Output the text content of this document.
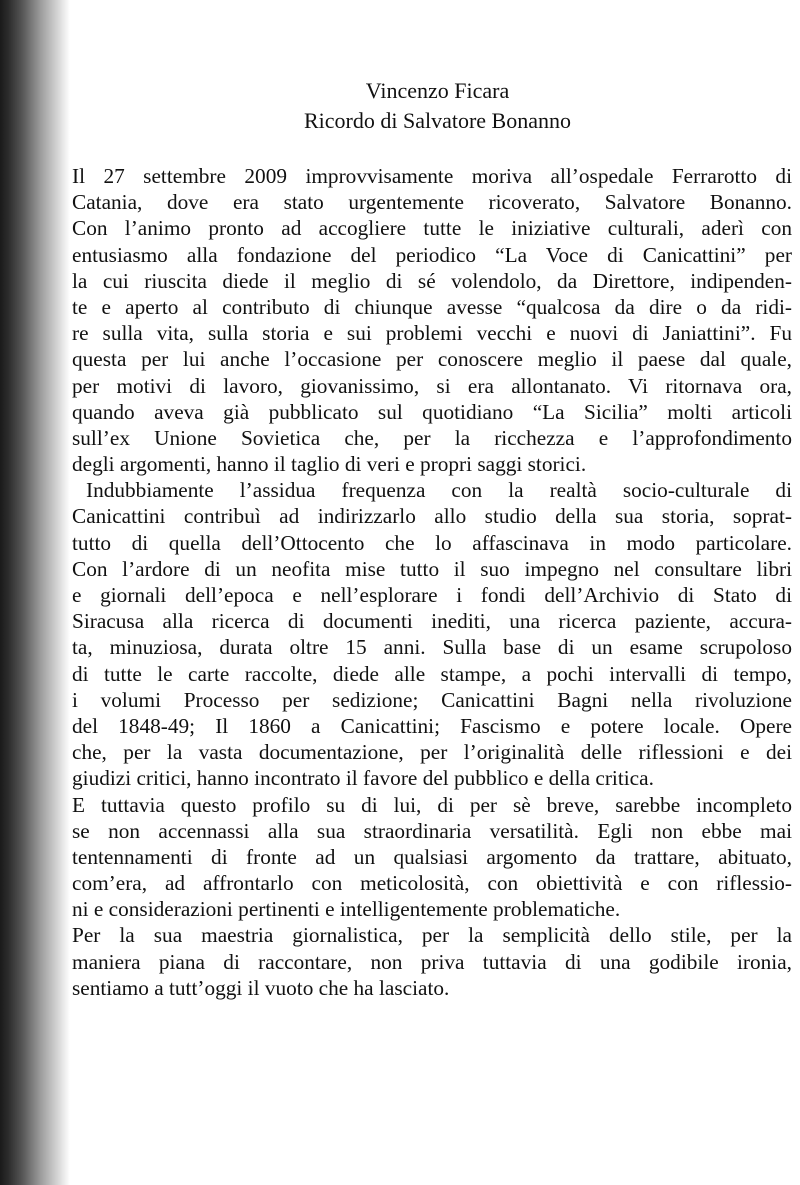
Vincenzo Ficara
Ricordo di Salvatore Bonanno
Il 27 settembre 2009 improvvisamente moriva all’ospedale Ferrarotto di
Catania, dove era stato urgentemente ricoverato, Salvatore Bonanno.
Con l’animo pronto ad accogliere tutte le iniziative culturali, aderì con
entusiasmo alla fondazione del periodico “La Voce di Canicattini” per
la cui riuscita diede il meglio di sé volendolo, da Direttore, indipenden-
te e aperto al contributo di chiunque avesse “qualcosa da dire o da ridi-
re sulla vita, sulla storia e sui problemi vecchi e nuovi di Janiattini”. Fu
questa per lui anche l’occasione per conoscere meglio il paese dal quale,
per motivi di lavoro, giovanissimo, si era allontanato. Vi ritornava ora,
quando aveva già pubblicato sul quotidiano “La Sicilia” molti articoli
sull’ex Unione Sovietica che, per la ricchezza e l’approfondimento
degli argomenti, hanno il taglio di veri e propri saggi storici.
Indubbiamente l’assidua frequenza con la realtà socio-culturale di
Canicattini contribuì ad indirizzarlo allo studio della sua storia, soprat-
tutto di quella dell’Ottocento che lo affascinava in modo particolare.
Con l’ardore di un neofita mise tutto il suo impegno nel consultare libri
e giornali dell’epoca e nell’esplorare i fondi dell’Archivio di Stato di
Siracusa alla ricerca di documenti inediti, una ricerca paziente, accura-
ta, minuziosa, durata oltre 15 anni. Sulla base di un esame scrupoloso
di tutte le carte raccolte, diede alle stampe, a pochi intervalli di tempo,
i volumi Processo per sedizione; Canicattini Bagni nella rivoluzione
del 1848-49; Il 1860 a Canicattini; Fascismo e potere locale. Opere
che, per la vasta documentazione, per l’originalità delle riflessioni e dei
giudizi critici, hanno incontrato il favore del pubblico e della critica.
E tuttavia questo profilo su di lui, di per sè breve, sarebbe incompleto
se non accennassi alla sua straordinaria versatilità. Egli non ebbe mai
tentennamenti di fronte ad un qualsiasi argomento da trattare, abituato,
com’era, ad affrontarlo con meticolosità, con obiettività e con riflessio-
ni e considerazioni pertinenti e intelligentemente problematiche.
Per la sua maestria giornalistica, per la semplicità dello stile, per la
maniera piana di raccontare, non priva tuttavia di una godibile ironia,
sentiamo a tutt’oggi il vuoto che ha lasciato.
